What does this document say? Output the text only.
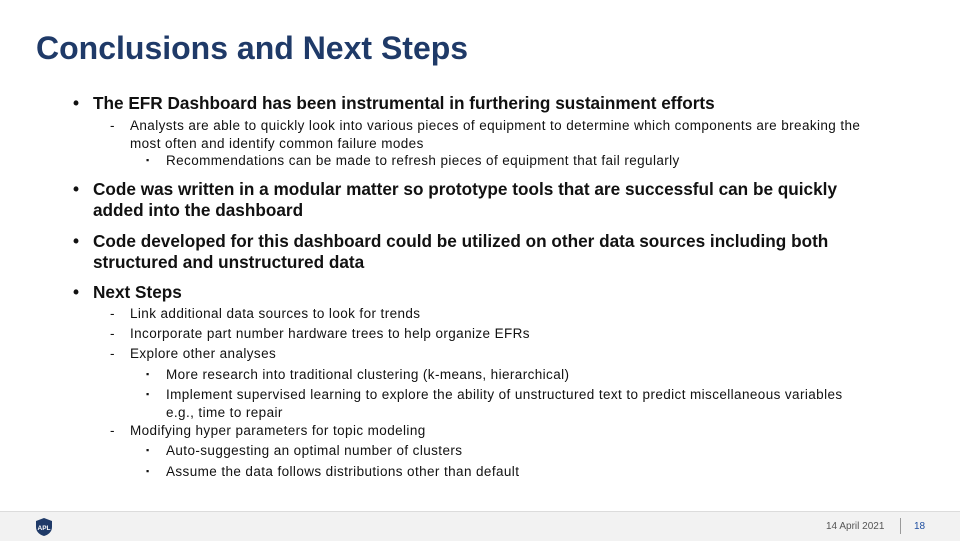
Conclusions and Next Steps
• The EFR Dashboard has been instrumental in furthering sustainment efforts
- Analysts are able to quickly look into various pieces of equipment to determine which components are breaking the most often and identify common failure modes
▪ Recommendations can be made to refresh pieces of equipment that fail regularly
• Code was written in a modular matter so prototype tools that are successful can be quickly added into the dashboard
• Code developed for this dashboard could be utilized on other data sources including both structured and unstructured data
• Next Steps
- Link additional data sources to look for trends
- Incorporate part number hardware trees to help organize EFRs
- Explore other analyses
▪ More research into traditional clustering (k-means, hierarchical)
▪ Implement supervised learning to explore the ability of unstructured text to predict miscellaneous variables e.g., time to repair
- Modifying hyper parameters for topic modeling
▪ Auto-suggesting an optimal number of clusters
▪ Assume the data follows distributions other than default
APL	14 April 2021	18
